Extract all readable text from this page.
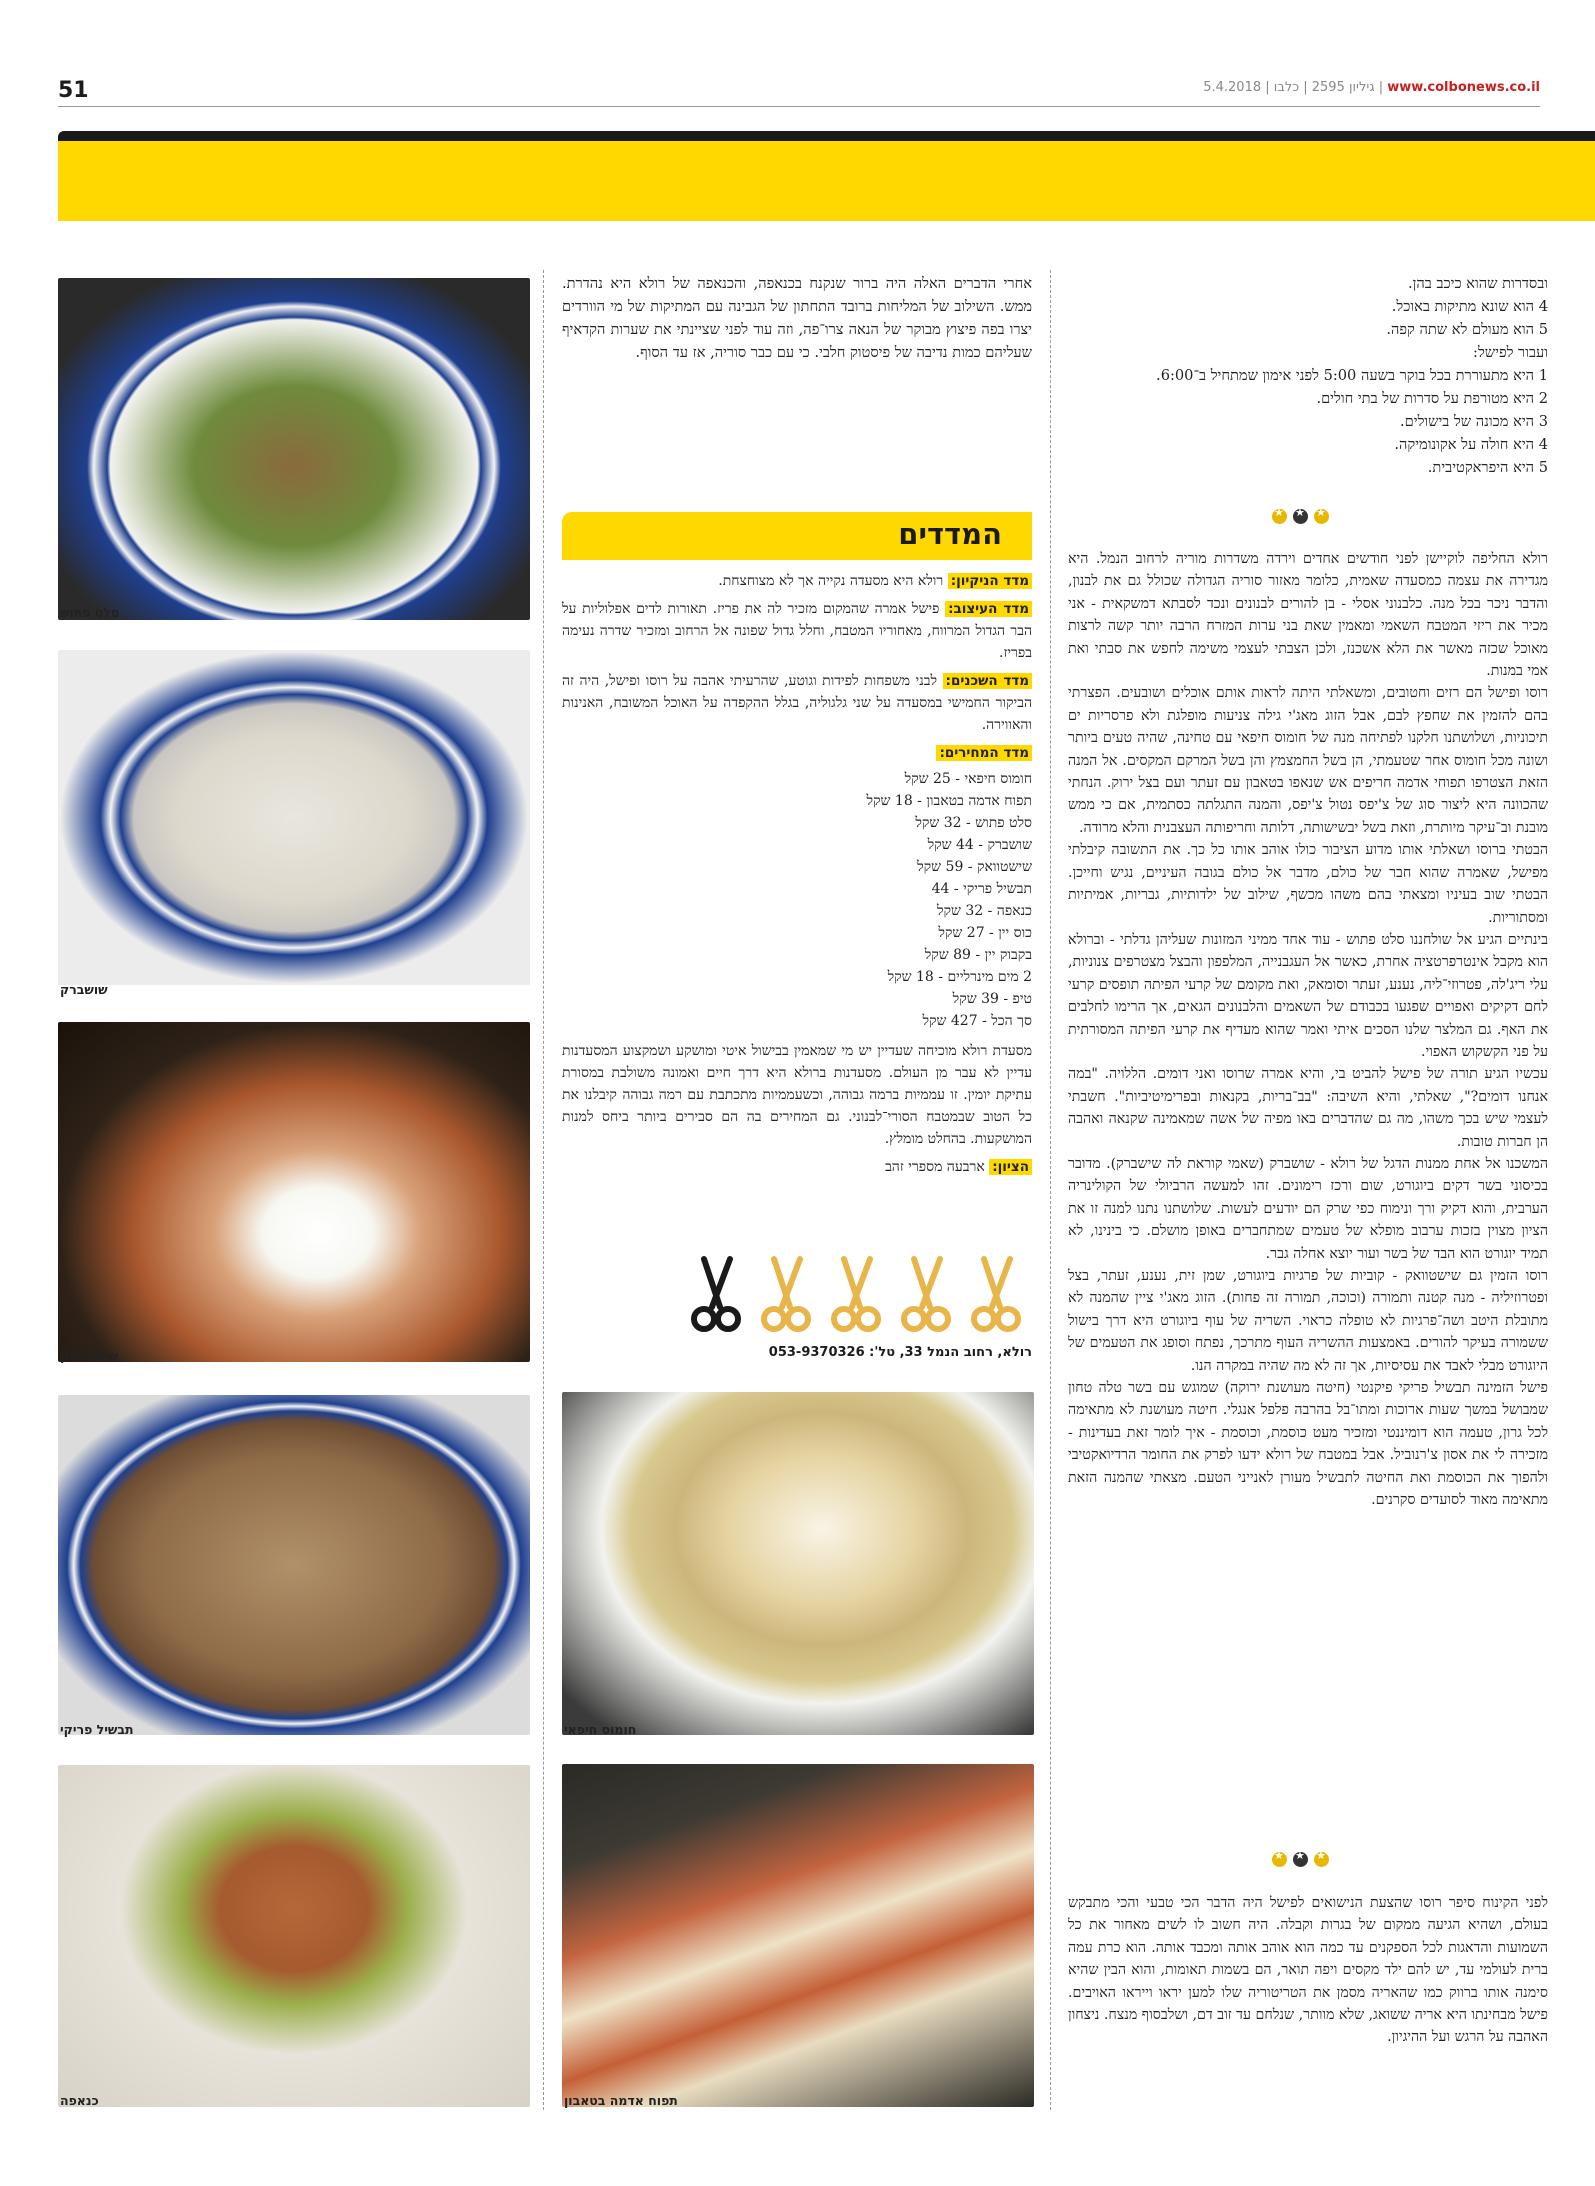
51	5.4.2018 |	גיליון 2595 | כלבו	| www.colbonews.co.il

ובסדרות שהוא כיכב בהן.

4 הוא שונא מתיקות באוכל.

5 הוא מעולם לא שתה קפה.

ועבור לפישל:

1 היא מתעוררת בכל בוקר בשעה 5:00 לפני אימון שמתחיל ב־6:00.

2 היא מטורפת על סדרות של בתי חולים.

3 היא מכונה של בישולים.

4 היא חולה על אקונומיקה.

5 היא היפראקטיבית.

★
★
★

רולא החליפה לוקיישן לפני חודשים אחדים וירדה משדרות מוריה לרחוב הנמל. היא מגדירה את עצמה כמסעדה שאמית, כלומר מאזור סוריה הגדולה שכולל גם את לבנון, והדבר ניכר בכל מנה. כלבנוני אסלי - בן להורים לבנונים ונכד לסבתא דמשקאית - אני מכיר את ריזי המטבח השאמי ומאמין שאת בני ערות המזרח הרבה יותר קשה לרצות מאוכל שכזה מאשר את הלא אשכנז, ולכן הצבתי לעצמי משימה לחפש את סבתי ואת אמי במנות.

רוסו ופישל הם רזים וחטובים, ומשאלתי היתה לראות אותם אוכלים ושובעים. הפצרתי בהם להזמין את שחפץ לבם, אבל הזוג מאג'י גילה צניעות מופלגת ולא פרסריות ים תיכוניות, ושלושתנו חלקנו לפתיחה מנה של חומוס חיפאי עם טחינה, שהיה טעים ביותר ושונה מכל חומוס אחר שטעמתי, הן בשל החמצמץ והן בשל המרקם המקסים. אל המנה הזאת הצטרפו תפוחי אדמה חריפים אש שנאפו בטאבון עם זעתר ועם בצל ירוק. הנחתי שהכוונה היא ליצור סוג של צ'יפס נטול צ'יפס, והמנה התגלתה כסתמית, אם כי ממש מובנת וב־עיקר מיותרת, וזאת בשל יבשישותה, דלותה וחריפותה העצבנית והלא מרודה.

הבטתי ברוסו ושאלתי אותו מדוע הציבור כולו אוהב אותו כל כך. את התשובה קיבלתי מפישל, שאמרה שהוא חבר של כולם, מדבר אל כולם בגובה העיניים, נגיש וחייכן. הבטתי שוב בעיניו ומצאתי בהם משהו מכשף, שילוב של ילדותיות, גבריות, אמיתיות ומסתוריות.

בינתיים הגיע אל שולחננו סלט פתוש - עוד אחד ממיני המזונות שעליהן גדלתי - וברולא הוא מקבל אינטרפרטציה אחרת, כאשר אל העגבנייה, המלפפון והבצל מצטרפים צנוניות, עלי ריג'לה, פטרוזי־ליה, נענע, זעתר וסומאק, ואת מקומם של קרעי הפיתה תופסים קרעי לחם דקיקים ואפויים שפגעו בכבודם של השאמים והלבנונים הגאים, אך הרימו לחלבים את האף. גם המלצר שלנו הסכים איתי ואמר שהוא מעדיף את קרעי הפיתה המסורתית על פני הקשקוש האפוי.

עכשיו הגיע תורה של פישל להביט בי, והיא אמרה שרוסו ואני דומים. הללויה. "במה אנחנו דומים?", שאלתי, והיא השיבה: "בב־בריות, בקנאות ובפרימיטיביות". חשבתי לעצמי שיש בכך משהו, מה גם שהדברים באו מפיה של אשה שמאמינה שקנאה ואהבה הן חברות טובות.

המשכנו אל אחת ממנות הדגל של רולא - שושברק (שאמי קוראת לה שישברק). מדובר בכיסוני בשר דקים ביוגורט, שום ורכז רימונים. זהו למעשה הרביולי של הקולינריה הערבית, והוא דקיק ורך ונימוח כפי שרק הם יודעים לעשות. שלושתנו נתנו למנה זו את הציון מצוין בזכות ערבוב מופלא של טעמים שמתחברים באופן מושלם. כי בינינו, לא תמיד יוגורט הוא הבד של בשר ועור יוצא אחלה גבר.

רוסו הזמין גם שישטוואק - קוביות של פרגיות ביוגורט, שמן זית, נענע, זעתר, בצל ופטרוזיליה - מנה קטנה ותמורה (וכוכה, תמורה זה פחות). הזוג מאג'י ציין שהמנה לא מתובלת היטב ושה־פרגיות לא טופלה כראוי. השריה של עוף ביוגורט היא דרך בישול ששמורה בעיקר להורים. באמצעות ההשריה העוף מתרכך, נפתח וסופג את הטעמים של היוגורט מבלי לאבד את עסיסיות, אך זה לא מה שהיה במקרה הנו.

פישל הזמינה תבשיל פריקי פיקנטי (חיטה מעושנת ירוקה) שמוגש עם בשר טלה טחון שמבושל במשך שעות ארוכות ומתו־בל בהרבה פלפל אנגלי. חיטה מעושנת לא מתאימה לכל גרון, טעמה הוא דומיננטי ומזכיר מעט כוסמת, וכוסמת - איך לומר זאת בעדינות - מזכירה לי את אסון צ'רנוביל. אבל במטבח של רולא ידעו לפרק את החומר הרדיואקטיבי ולהפוך את הכוסמת ואת החיטה לתבשיל מעורן לאנייני הטעם. מצאתי שהמנה הזאת מתאימה מאוד לסועדים סקרנים.

★
★
★

לפני הקינוח סיפר רוסו שהצעת הנישואים לפישל היה הדבר הכי טבעי והכי מתבקש בעולם, ושהיא הגיעה ממקום של בגרות וקבלה. היה חשוב לו לשים מאחור את כל השמועות והדאגות לכל הספקנים עד כמה הוא אוהב אותה ומכבד אותה. הוא כרת עמה ברית לעולמי עד, יש להם ילד מקסים ויפה תואר, הם בשמות תאומות, והוא הבין שהיא סימנה אותו ברווק כמו שהאריה מסמן את הטריטוריה שלו למען יראו וייראו האויבים. פישל מבחינתו היא אריה ששואג, שלא מוותר, שנלחם עד זוב דם, ושלבסוף מנצח. ניצחון האהבה על הרגש ועל ההיגיון.

אחרי הדברים האלה היה ברור שנקנח בכנאפה, והכנאפה של רולא היא נהדרת. ממש. השילוב של המליחות ברובד התחתון של הגבינה עם המתיקות של מי הוורדים יצרו בפה פיצוץ מבוקר של הנאה צרו־פה, וזה עוד לפני שציינתי את שערות הקדאיף שעליהם כמות נדיבה של פיסטוק חלבי. כי עם כבר סוריה, אז עד הסוף.

המדדים

מדד הניקיון: רולא היא מסעדה נקייה אך לא מצוחצחת.

מדד העיצוב: פישל אמרה שהמקום מזכיר לה את פריז. תאורות לדים אפלוליות על הבר הגדול המרווח, מאחוריו המטבח, וחלל גדול שפונה אל הרחוב ומזכיר שדרה נעימה בפריז.

מדד השכנים: לבני משפחות לפידות וגוטע, שהרעיתי אהבה על רוסו ופישל, היה זה הביקור החמישי במסעדה על שני גלגוליה, בגלל ההקפדה על האוכל המשובח, האנינות והאווירה.

מדד המחירים:

חומוס חיפאי - 25 שקל
תפוח אדמה בטאבון - 18 שקל
סלט פתוש - 32 שקל
שושברק - 44 שקל
שישטוואק - 59 שקל
תבשיל פריקי - 44
כנאפה - 32 שקל
כוס יין - 27 שקל
בקבוק יין - 89 שקל
2 מים מינרליים - 18 שקל
טיפ - 39 שקל
סך הכל - 427 שקל

מסעדת רולא מוכיחה שעדיין יש מי שמאמין בבישול איטי ומושקע ושמקצוע המסעדנות עדיין לא עבר מן העולם. מסעדנות ברולא היא דרך חיים ואמונה משולבת במסורת עתיקת יומין. זו עממיות ברמה גבוהה, וכשעממיות מתכתבת עם רמה גבוהה קיבלנו את כל הטוב שבמטבח הסורי־לבנוני. גם המחירים בה הם סבירים ביותר ביחס למנות המושקעות. בהחלט מומלץ.

הציון: ארבעה מספרי זהב

רולא, רחוב הנמל 33, טל': 053-9370326
סלט פתוש
שושברק
שישטוואק
תבשיל פריקי
כנאפה
חומוס חיפאי
תפוח אדמה בטאבון
